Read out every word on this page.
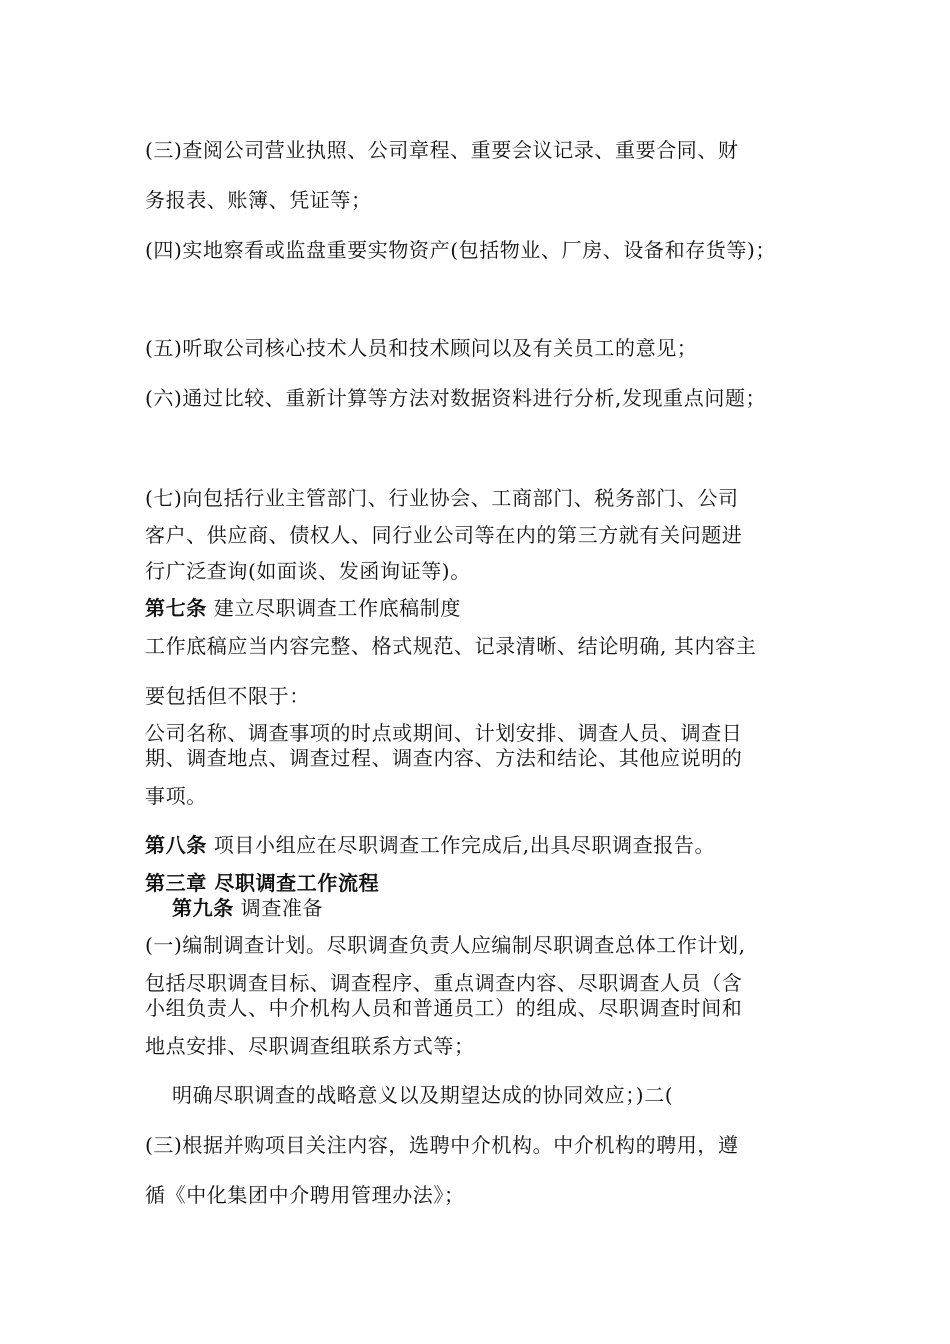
(三)查阅公司营业执照、公司章程、重要会议记录、重要合同、财
务报表、账簿、凭证等；
(四)实地察看或监盘重要实物资产(包括物业、厂房、设备和存货等)；
(五)听取公司核心技术人员和技术顾问以及有关员工的意见；
(六)通过比较、重新计算等方法对数据资料进行分析,发现重点问题；
(七)向包括行业主管部门、行业协会、工商部门、税务部门、公司
客户、供应商、债权人、同行业公司等在内的第三方就有关问题进
行广泛查询(如面谈、发函询证等)。
第七条 建立尽职调查工作底稿制度
工作底稿应当内容完整、格式规范、记录清晰、结论明确, 其内容主
要包括但不限于：
公司名称、调查事项的时点或期间、计划安排、调查人员、调查日
期、调查地点、调查过程、调查内容、方法和结论、其他应说明的
事项。
第八条 项目小组应在尽职调查工作完成后,出具尽职调查报告。
第三章 尽职调查工作流程
第九条 调查准备
(一)编制调查计划。尽职调查负责人应编制尽职调查总体工作计划,
包括尽职调查目标、调查程序、重点调查内容、尽职调查人员（含
小组负责人、中介机构人员和普通员工）的组成、尽职调查时间和
地点安排、尽职调查组联系方式等；
明确尽职调查的战略意义以及期望达成的协同效应；)二(
(三)根据并购项目关注内容，选聘中介机构。中介机构的聘用，遵
循《中化集团中介聘用管理办法》；
